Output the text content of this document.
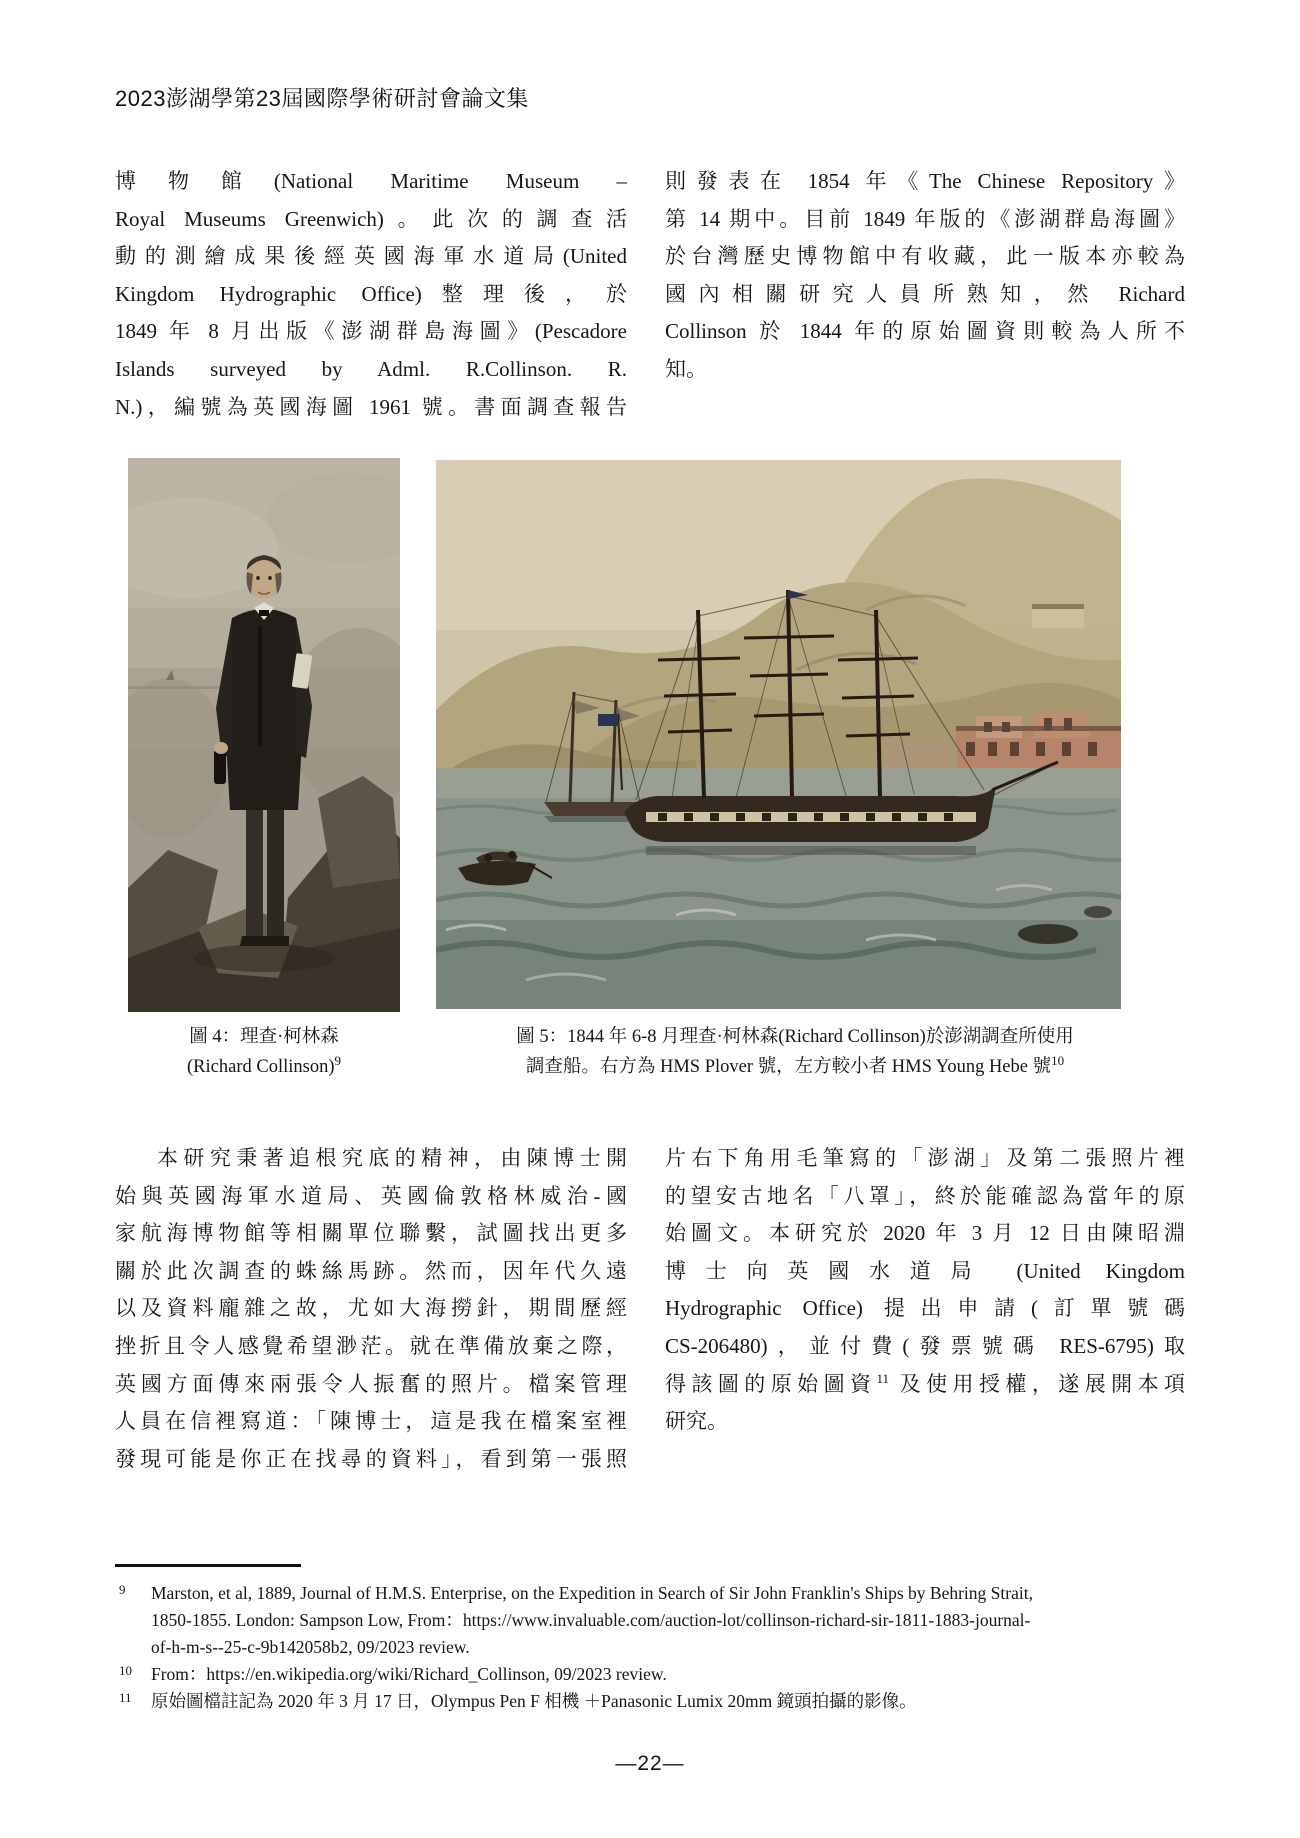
2023澎湖學第23屆國際學術研討會論文集
博物館(National Maritime Museum –
Royal Museums Greenwich)。此次的調查活
動的測繪成果後經英國海軍水道局(United
Kingdom Hydrographic Office)整理後，於
1849 年 8 月出版《澎湖群島海圖》(Pescadore
Islands surveyed by Adml. R.Collinson. R.
N.)，編號為英國海圖 1961 號。書面調查報告
則發表在 1854 年《The Chinese Repository》
第 14 期中。目前 1849 年版的《澎湖群島海圖》
於台灣歷史博物館中有收藏，此一版本亦較為
國內相關研究人員所熟知，然 Richard
Collinson 於 1844 年的原始圖資則較為人所不
知。
圖 4：理查·柯林森
(Richard Collinson)$^9$
圖 5：1844 年 6-8 月理查·柯林森(Richard Collinson)於澎湖調查所使用
調查船。右方為 HMS Plover 號，左方較小者 HMS Young Hebe 號$^{10}$
本研究秉著追根究底的精神，由陳博士開
始與英國海軍水道局、英國倫敦格林威治-國
家航海博物館等相關單位聯繫，試圖找出更多
關於此次調查的蛛絲馬跡。然而，因年代久遠
以及資料龐雜之故，尤如大海撈針，期間歷經
挫折且令人感覺希望渺茫。就在準備放棄之際，
英國方面傳來兩張令人振奮的照片。檔案管理
人員在信裡寫道：「陳博士，這是我在檔案室裡
發現可能是你正在找尋的資料」，看到第一張照
片右下角用毛筆寫的「澎湖」及第二張照片裡
的望安古地名「八罩」，終於能確認為當年的原
始圖文。本研究於 2020 年 3 月 12 日由陳昭淵
博士向英國水道局 (United Kingdom
Hydrographic Office) 提出申請(訂單號碼
CS-206480)，並付費(發票號碼 RES-6795)取
得該圖的原始圖資$^{11}$ 及使用授權，遂展開本項
研究。
9 Marston, et al, 1889, Journal of H.M.S. Enterprise, on the Expedition in Search of Sir John Franklin's Ships by Behring Strait,
1850-1855. London: Sampson Low, From：https://www.invaluable.com/auction-lot/collinson-richard-sir-1811-1883-journal-
of-h-m-s--25-c-9b142058b2, 09/2023 review.
10 From：https://en.wikipedia.org/wiki/Richard_Collinson, 09/2023 review.
11 原始圖檔註記為 2020 年 3 月 17 日，Olympus Pen F 相機 ＋Panasonic Lumix 20mm 鏡頭拍攝的影像。
—22—
